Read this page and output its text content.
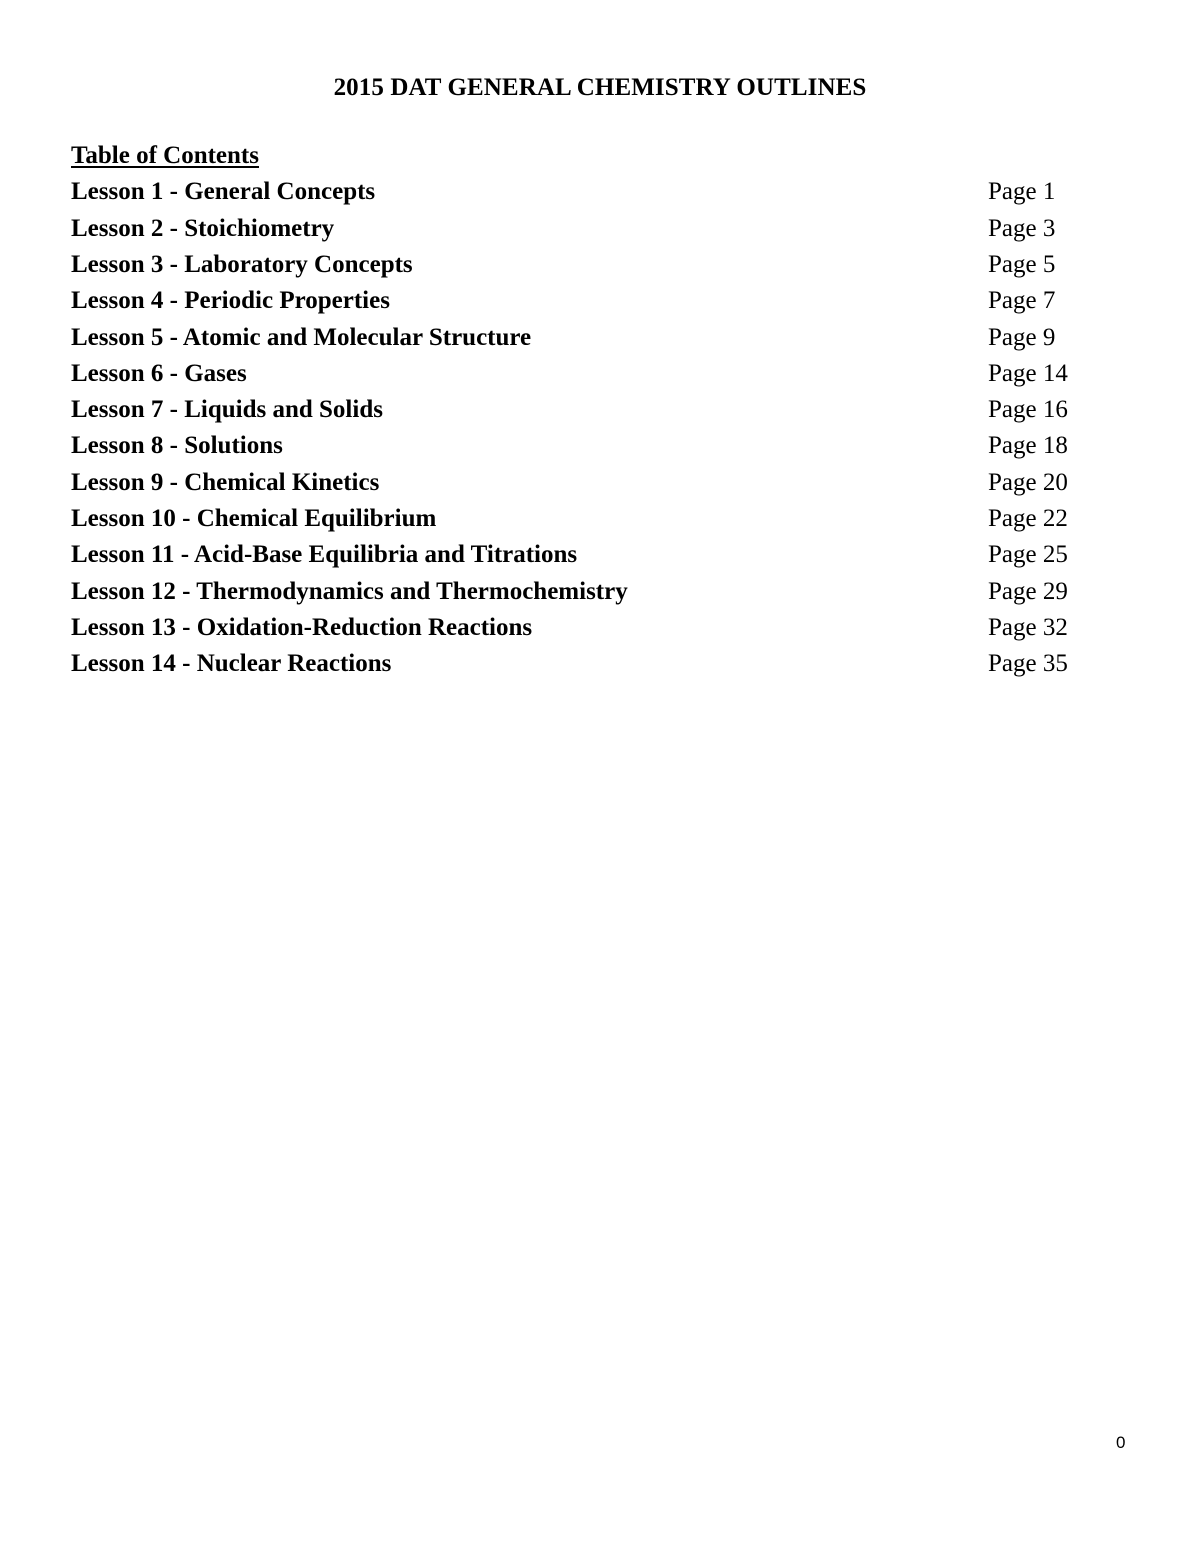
2015 DAT GENERAL CHEMISTRY OUTLINES
Table of Contents
Lesson 1 - General Concepts	Page 1
Lesson 2 - Stoichiometry	Page 3
Lesson 3 - Laboratory Concepts	Page 5
Lesson 4 - Periodic Properties	Page 7
Lesson 5 - Atomic and Molecular Structure	Page 9
Lesson 6 - Gases	Page 14
Lesson 7 - Liquids and Solids	Page 16
Lesson 8 - Solutions	Page 18
Lesson 9 - Chemical Kinetics	Page 20
Lesson 10 - Chemical Equilibrium	Page 22
Lesson 11 - Acid-Base Equilibria and Titrations	Page 25
Lesson 12 - Thermodynamics and Thermochemistry	Page 29
Lesson 13 - Oxidation-Reduction Reactions	Page 32
Lesson 14 - Nuclear Reactions	Page 35
0
